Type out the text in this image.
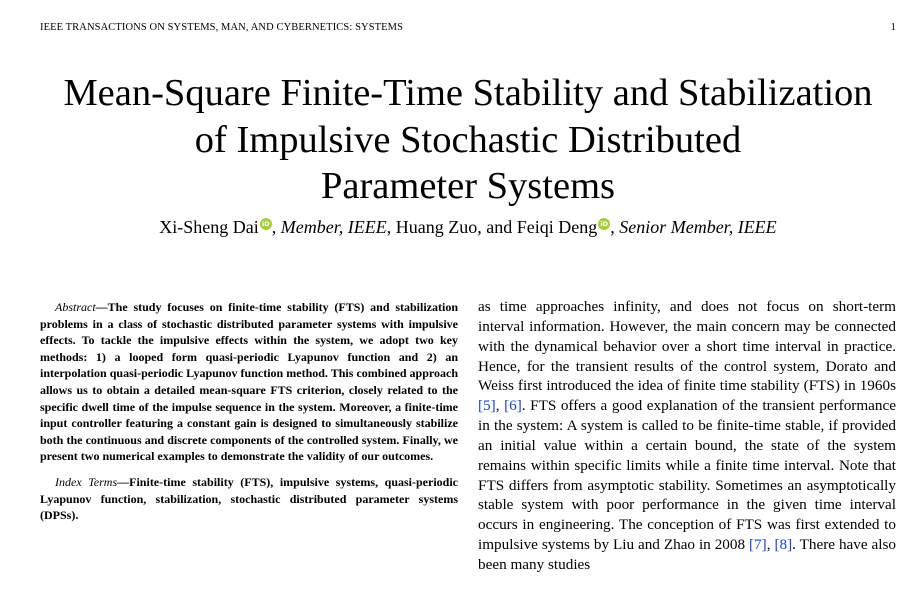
IEEE TRANSACTIONS ON SYSTEMS, MAN, AND CYBERNETICS: SYSTEMS	1
Mean-Square Finite-Time Stability and Stabilization
of Impulsive Stochastic Distributed
Parameter Systems
Xi-Sheng Dai iD , Member, IEEE, Huang Zuo, and Feiqi Deng iD , Senior Member, IEEE

Abstract—The study focuses on finite-time stability (FTS) and stabilization problems in a class of stochastic distributed parameter systems with impulsive effects. To tackle the impulsive effects within the system, we adopt two key methods: 1) a looped form quasi-periodic Lyapunov function and 2) an interpolation quasi-periodic Lyapunov function method. This combined approach allows us to obtain a detailed mean-square FTS criterion, closely related to the specific dwell time of the impulse sequence in the system. Moreover, a finite-time input controller featuring a constant gain is designed to simultaneously stabilize both the continuous and discrete components of the controlled system. Finally, we present two numerical examples to demonstrate the validity of our outcomes.

Index Terms—Finite-time stability (FTS), impulsive systems, quasi-periodic Lyapunov function, stabilization, stochastic distributed parameter systems (DPSs).

as time approaches infinity, and does not focus on short-term interval information. However, the main concern may be connected with the dynamical behavior over a short time interval in practice. Hence, for the transient results of the control system, Dorato and Weiss first introduced the idea of finite time stability (FTS) in 1960s [5], [6]. FTS offers a good explanation of the transient performance in the system: A system is called to be finite-time stable, if provided an initial value within a certain bound, the state of the system remains within specific limits while a finite time interval. Note that FTS differs from asymptotic stability. Sometimes an asymptotically stable system with poor performance in the given time interval occurs in engineering. The conception of FTS was first extended to impulsive systems by Liu and Zhao in 2008 [7], [8]. There have also been many studies
